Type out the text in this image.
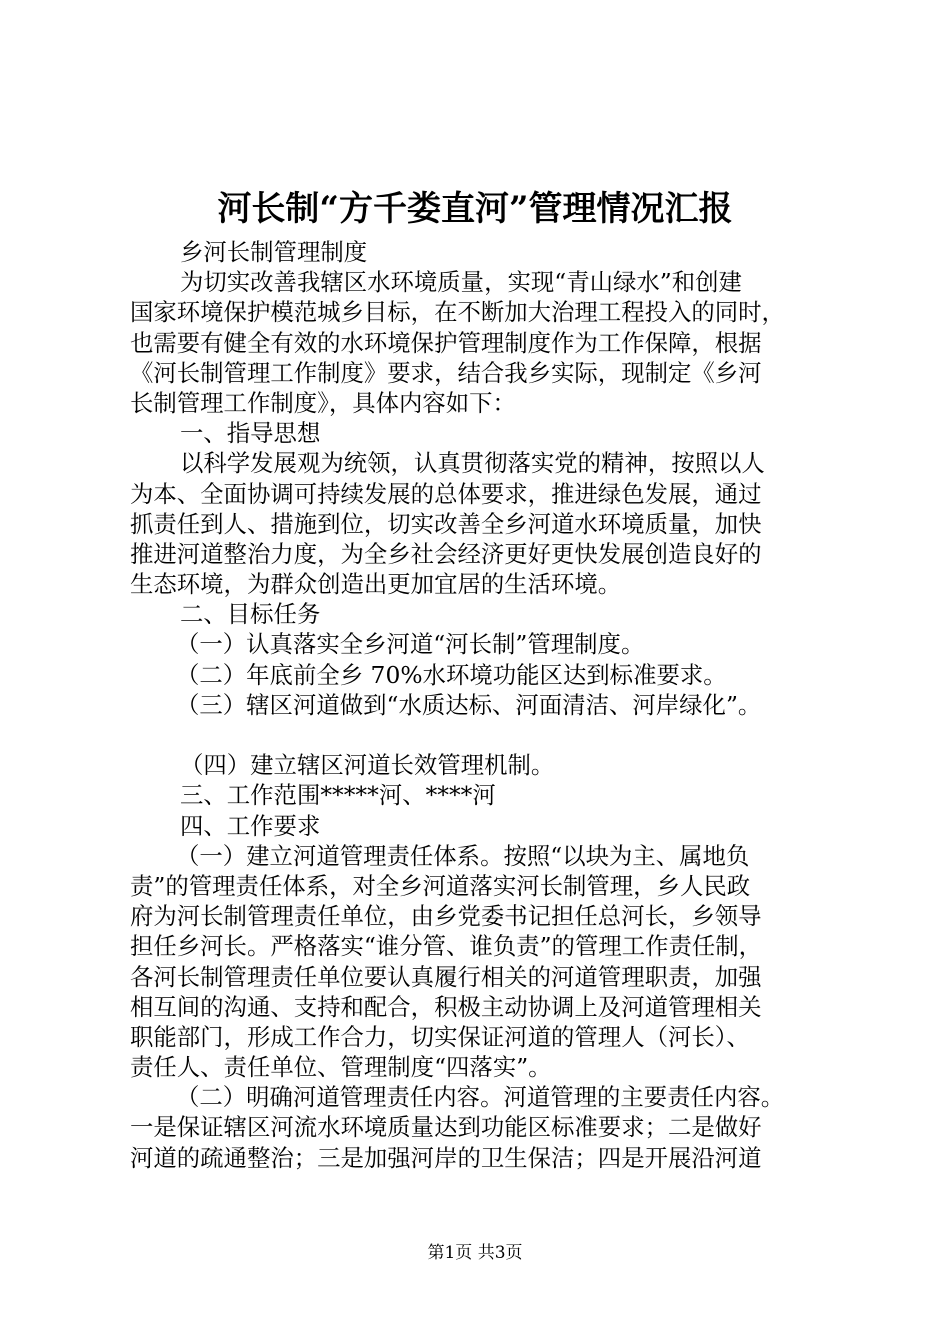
河长制“方千娄直河”管理情况汇报
乡河长制管理制度
为切实改善我辖区水环境质量，实现“青山绿水”和创建
国家环境保护模范城乡目标，在不断加大治理工程投入的同时，
也需要有健全有效的水环境保护管理制度作为工作保障，根据
《河长制管理工作制度》要求，结合我乡实际，现制定《乡河
长制管理工作制度》，具体内容如下：
一、指导思想
以科学发展观为统领，认真贯彻落实党的精神，按照以人
为本、全面协调可持续发展的总体要求，推进绿色发展，通过
抓责任到人、措施到位，切实改善全乡河道水环境质量，加快
推进河道整治力度，为全乡社会经济更好更快发展创造良好的
生态环境，为群众创造出更加宜居的生活环境。
二、目标任务
（一）认真落实全乡河道“河长制”管理制度。
（二）年底前全乡 70%水环境功能区达到标准要求。
（三）辖区河道做到“水质达标、河面清洁、河岸绿化”。
（四）建立辖区河道长效管理机制。
三、工作范围*****河、****河
四、工作要求
（一）建立河道管理责任体系。按照“以块为主、属地负
责”的管理责任体系，对全乡河道落实河长制管理，乡人民政
府为河长制管理责任单位，由乡党委书记担任总河长，乡领导
担任乡河长。严格落实“谁分管、谁负责”的管理工作责任制，
各河长制管理责任单位要认真履行相关的河道管理职责，加强
相互间的沟通、支持和配合，积极主动协调上及河道管理相关
职能部门，形成工作合力，切实保证河道的管理人（河长）、
责任人、责任单位、管理制度“四落实”。
（二）明确河道管理责任内容。河道管理的主要责任内容。
一是保证辖区河流水环境质量达到功能区标准要求；二是做好
河道的疏通整治；三是加强河岸的卫生保洁；四是开展沿河道
第1页 共3页
